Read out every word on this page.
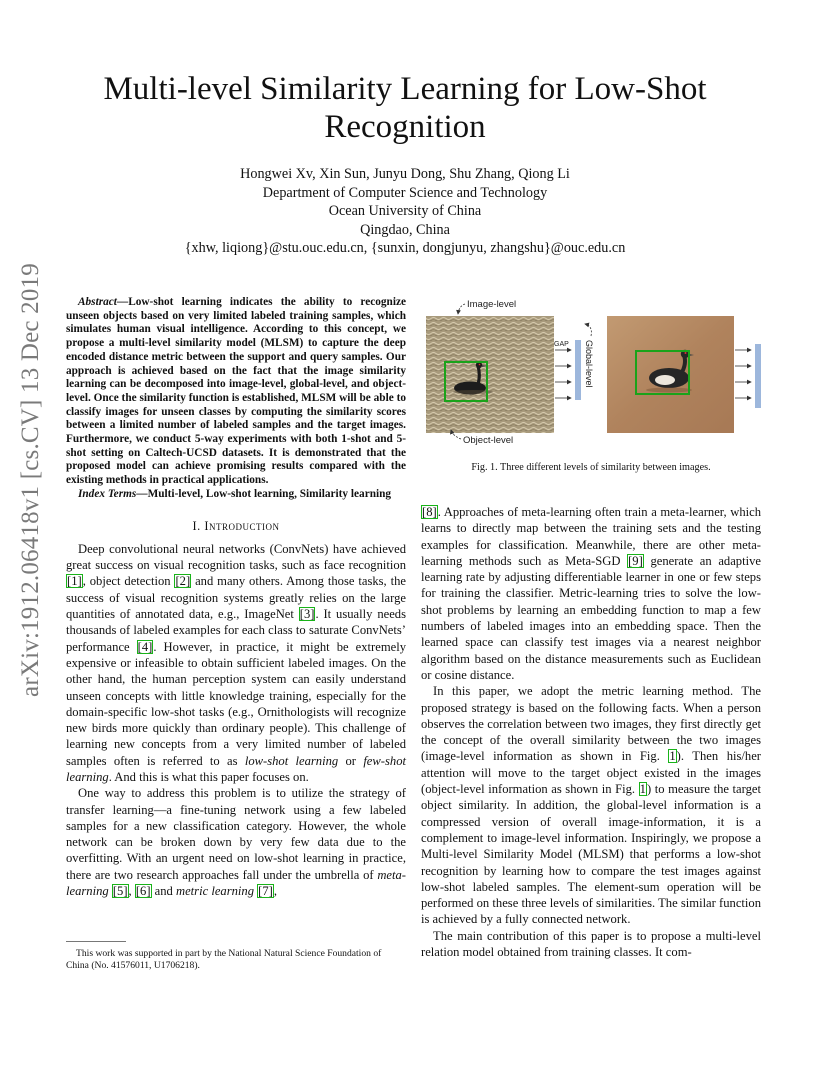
Multi-level Similarity Learning for Low-Shot Recognition
Hongwei Xv, Xin Sun, Junyu Dong, Shu Zhang, Qiong Li
Department of Computer Science and Technology
Ocean University of China
Qingdao, China
{xhw, liqiong}@stu.ouc.edu.cn, {sunxin, dongjunyu, zhangshu}@ouc.edu.cn
arXiv:1912.06418v1 [cs.CV] 13 Dec 2019	Abstract—Low-shot learning indicates the ability to recognize unseen objects based on very limited labeled training samples, which simulates human visual intelligence. According to this concept, we propose a multi-level similarity model (MLSM) to capture the deep encoded distance metric between the support and query samples. Our approach is achieved based on the fact that the image similarity learning can be decomposed into image-level, global-level, and object-level. Once the similarity function is established, MLSM will be able to classify images for unseen classes by computing the similarity scores between a limited number of labeled samples and the target images. Furthermore, we conduct 5-way experiments with both 1-shot and 5-shot setting on Caltech-UCSD datasets. It is demonstrated that the proposed model can achieve promising results compared with the existing methods in practical applications.

Index Terms—Multi-level, Low-shot learning, Similarity learning

I. Introduction

Deep convolutional neural networks (ConvNets) have achieved great success on visual recognition tasks, such as face recognition [1], object detection [2] and many others. Among those tasks, the success of visual recognition systems greatly relies on the large quantities of annotated data, e.g., ImageNet [3]. It usually needs thousands of labeled examples for each class to saturate ConvNets’ performance [4]. However, in practice, it might be extremely expensive or infeasible to obtain sufficient labeled images. On the other hand, the human perception system can easily understand unseen concepts with little knowledge training, especially for the domain-specific low-shot tasks (e.g., Ornithologists will recognize new birds more quickly than ordinary people). This challenge of learning new concepts from a very limited number of labeled samples often is referred to as low-shot learning or few-shot learning. And this is what this paper focuses on.

One way to address this problem is to utilize the strategy of transfer learning—a fine-tuning network using a few labeled samples for a new classification category. However, the whole network can be broken down by very few data due to the overfitting. With an urgent need on low-shot learning in practice, there are two research approaches fall under the umbrella of meta-learning [5], [6] and metric learning [7],

This work was supported in part by the National Natural Science Foundation of China (No. 41576011, U1706218).
GAP Global-level
Image-level
Object-level
Fig. 1. Three different levels of similarity between images.

[8]. Approaches of meta-learning often train a meta-learner, which learns to directly map between the training sets and the testing examples for classification. Meanwhile, there are other meta-learning methods such as Meta-SGD [9] generate an adaptive learning rate by adjusting differentiable learner in one or few steps for training the classifier. Metric-learning tries to solve the low-shot problems by learning an embedding function to map a few numbers of labeled images into an embedding space. Then the learned space can classify test images via a nearest neighbor algorithm based on the distance measurements such as Euclidean or cosine distance.

In this paper, we adopt the metric learning method. The proposed strategy is based on the following facts. When a person observes the correlation between two images, they first directly get the concept of the overall similarity between the two images (image-level information as shown in Fig. 1). Then his/her attention will move to the target object existed in the images (object-level information as shown in Fig. 1) to measure the target object similarity. In addition, the global-level information is a compressed version of overall image-information, it is a complement to image-level information. Inspiringly, we propose a Multi-level Similarity Model (MLSM) that performs a low-shot recognition by learning how to compare the test images against low-shot labeled samples. The element-sum operation will be performed on these three levels of similarities. The similar function is achieved by a fully connected network.

The main contribution of this paper is to propose a multi-level relation model obtained from training classes. It com-
